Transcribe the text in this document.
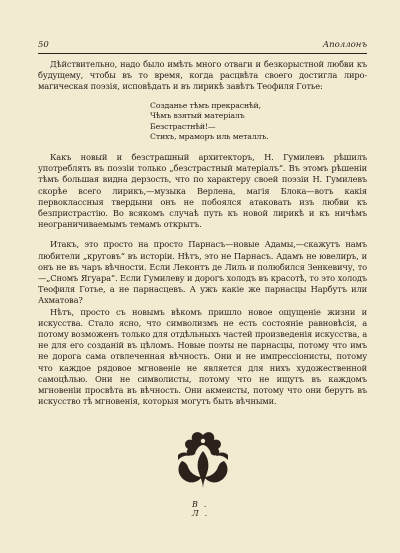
50	Аполлонъ

Дѣйствительно, надо было имѣть много отваги и безкорыстной любви къ будущему, чтобы въ то время, когда расцвѣта своего достигла лиро-магическая поэзія, исповѣдать и въ лирикѣ завѣтъ Теофиля Готье:

Созданье тѣмъ прекраснѣй,
Чѣмъ взятый матеріалъ
Безстрастнѣй!—
Стихъ, мраморъ иль металлъ.

Какъ новый и безстрашный архитекторъ, Н. Гумилевъ рѣшилъ употреблять въ поэзіи только „безстрастный матеріалъ“. Въ этомъ рѣшеніи тѣмъ большая видна дерзость, что по характеру своей поэзіи Н. Гумилевъ скорѣе всего лирикъ,—музыка Верлена, магія Блока—вотъ какія первоклассныя твердыни онъ не побоялся атаковать изъ любви къ безпристрастію. Во всякомъ случаѣ путь къ новой лирикѣ и къ ничѣмъ неограничиваемымъ темамъ открытъ.

Итакъ, это просто на просто Парнасъ—новые Адамы,—скажутъ намъ любители „круговъ“ въ исторіи. Нѣтъ, это не Парнасъ. Адамъ не ювелиръ, и онъ не въ чаръ вѣчности. Если Леконтъ де Лиль и полюбился Зенкевичу, то—„Сномъ Ягуара“. Если Гумилеву и дорогъ холодъ въ красотѣ, то это холодъ Теофиля Готье, а не парнасцевъ. А ужъ какіе же парнасцы Нарбутъ или Ахматова?

Нѣтъ, просто съ новымъ вѣкомъ пришло новое ощущеніе жизни и искусства. Стало ясно, что символизмъ не есть состояніе равновѣсія, а потому возможенъ только для отдѣльныхъ частей произведенія искусства, а не для его созданій въ цѣломъ. Новые поэты не парнасцы, потому что имъ не дорога сама отвлеченная вѣчность. Они и не импрессіонисты, потому что каждое рядовое мгновеніе не является для нихъ художественной самоцѣлью. Они не символисты, потому что не ищутъ въ каждомъ мгновеніи просвѣта въ вѣчность. Они акмеисты, потому что они берутъ въ искусство тѣ мгновенія, которыя могутъ быть вѣчными.

В. Л.
